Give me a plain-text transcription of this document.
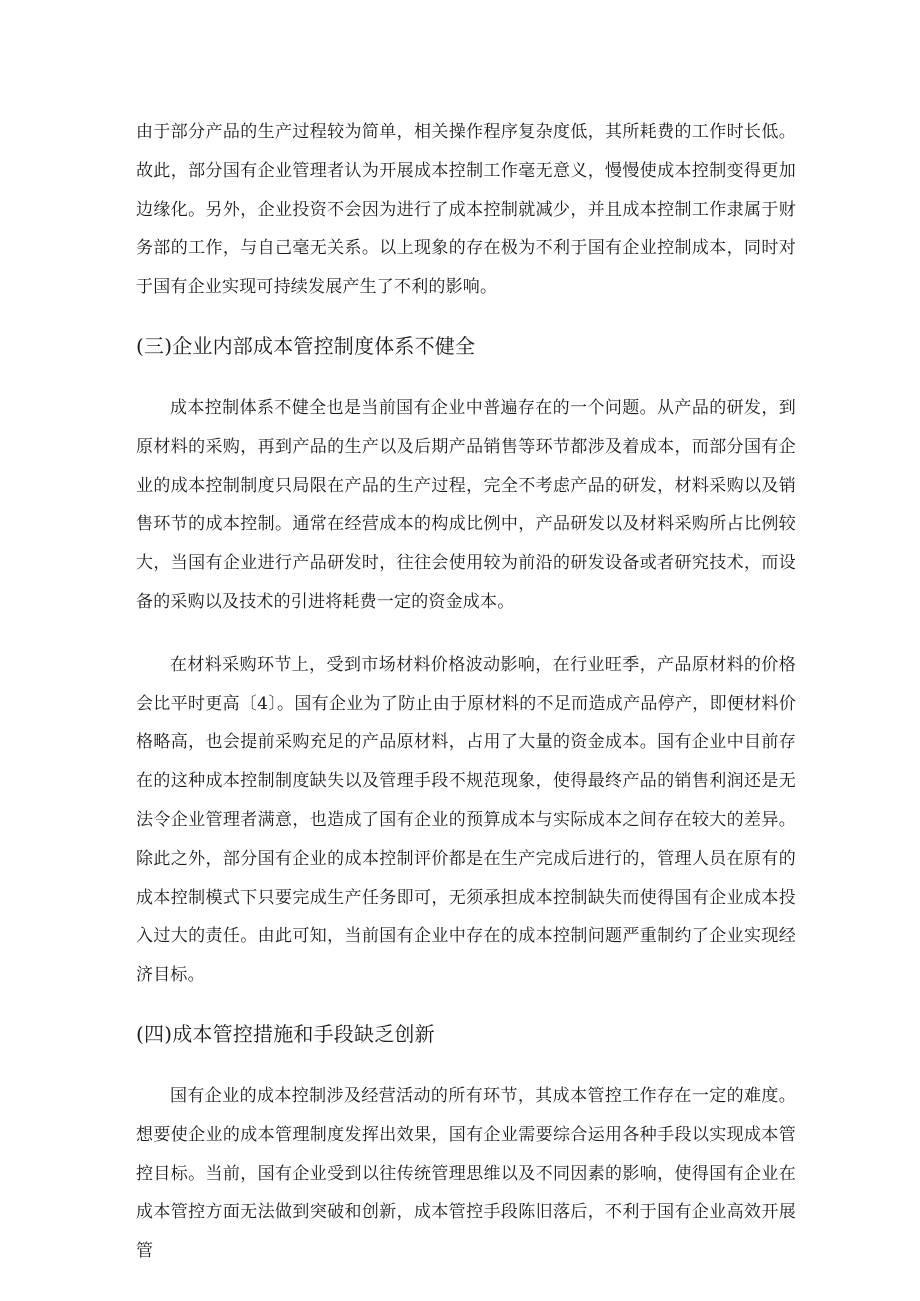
由于部分产品的生产过程较为简单，相关操作程序复杂度低，其所耗费的工作时长低。故此，部分国有企业管理者认为开展成本控制工作毫无意义，慢慢使成本控制变得更加边缘化。另外，企业投资不会因为进行了成本控制就减少，并且成本控制工作隶属于财务部的工作，与自己毫无关系。以上现象的存在极为不利于国有企业控制成本，同时对于国有企业实现可持续发展产生了不利的影响。

(三)企业内部成本管控制度体系不健全

成本控制体系不健全也是当前国有企业中普遍存在的一个问题。从产品的研发，到原材料的采购，再到产品的生产以及后期产品销售等环节都涉及着成本，而部分国有企业的成本控制制度只局限在产品的生产过程，完全不考虑产品的研发，材料采购以及销售环节的成本控制。通常在经营成本的构成比例中，产品研发以及材料采购所占比例较大，当国有企业进行产品研发时，往往会使用较为前沿的研发设备或者研究技术，而设备的采购以及技术的引进将耗费一定的资金成本。

在材料采购环节上，受到市场材料价格波动影响，在行业旺季，产品原材料的价格会比平时更高〔4〕。国有企业为了防止由于原材料的不足而造成产品停产，即便材料价格略高，也会提前采购充足的产品原材料，占用了大量的资金成本。国有企业中目前存在的这种成本控制制度缺失以及管理手段不规范现象，使得最终产品的销售利润还是无法令企业管理者满意，也造成了国有企业的预算成本与实际成本之间存在较大的差异。除此之外，部分国有企业的成本控制评价都是在生产完成后进行的，管理人员在原有的成本控制模式下只要完成生产任务即可，无须承担成本控制缺失而使得国有企业成本投入过大的责任。由此可知，当前国有企业中存在的成本控制问题严重制约了企业实现经济目标。

(四)成本管控措施和手段缺乏创新

国有企业的成本控制涉及经营活动的所有环节，其成本管控工作存在一定的难度。想要使企业的成本管理制度发挥出效果，国有企业需要综合运用各种手段以实现成本管控目标。当前，国有企业受到以往传统管理思维以及不同因素的影响，使得国有企业在成本管控方面无法做到突破和创新，成本管控手段陈旧落后，不利于国有企业高效开展管
